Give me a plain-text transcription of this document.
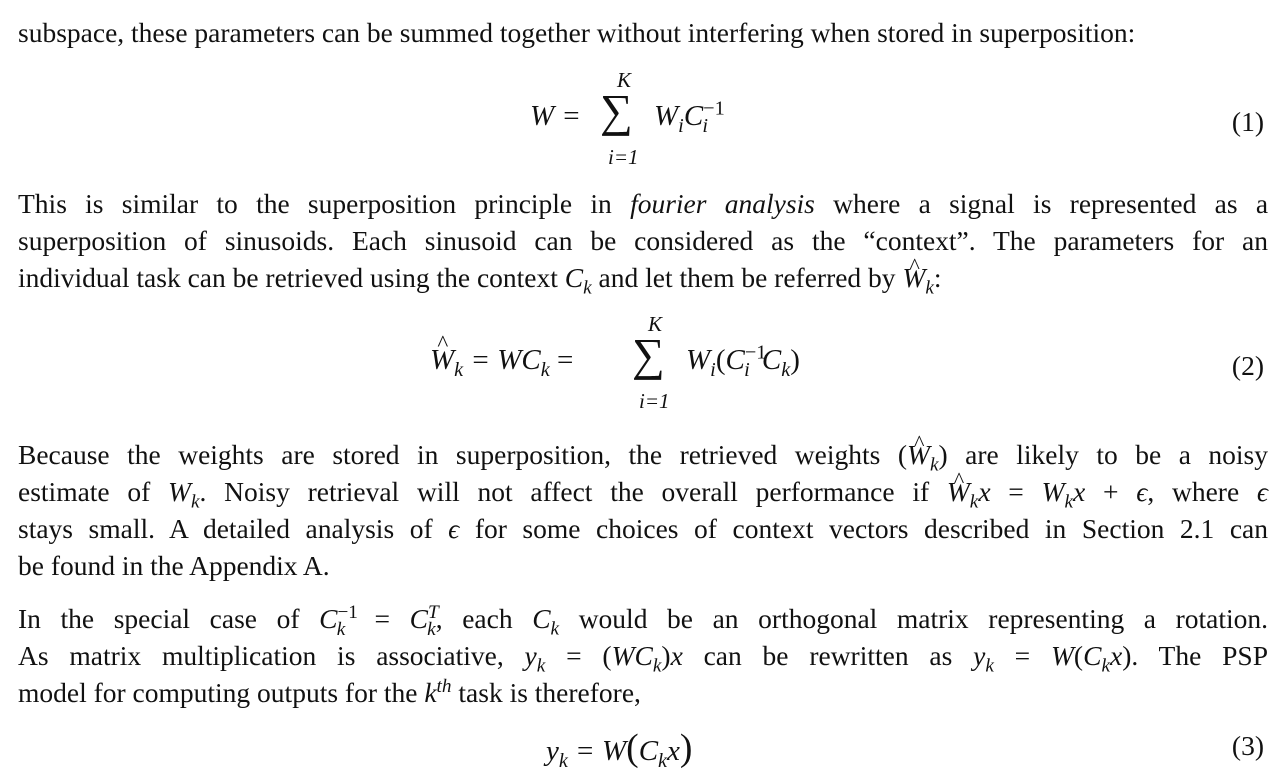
subspace, these parameters can be summed together without interfering when stored in superposition:
K
W = ∑ $W_iC^{-1}_i$
i=1
(1)
This is similar to the superposition principle in fourier analysis where a signal is represented as a
superposition of sinusoids. Each sinusoid can be considered as the “context”. The parameters for an
individual task can be retrieved using the context $C_k$ and let them be referred by ^ $W_k$:
K
^ $W_k = WC_k$ = ∑ $W_i(C^{-1}_i$ $C_k$)
i=1
(2)
Because the weights are stored in superposition, the retrieved weights (^ $W_k$) are likely to be a noisy
estimate of $W_k$. Noisy retrieval will not affect the overall performance if ^ $W_kx = W_kx + \epsilon$, where ϵ
stays small. A detailed analysis of ϵ for some choices of context vectors described in Section 2.1 can
be found in the Appendix A.
In the special case of $C^{-1}_k = C^T_k$, each $C_k$ would be an orthogonal matrix representing a rotation.
As matrix multiplication is associative, $y_k = (WC_k)x$ can be rewritten as $y_k = W(C_kx)$. The PSP
model for computing outputs for the $k^{th}$ task is therefore,
$y_k = W(C_kx)$	(3)
